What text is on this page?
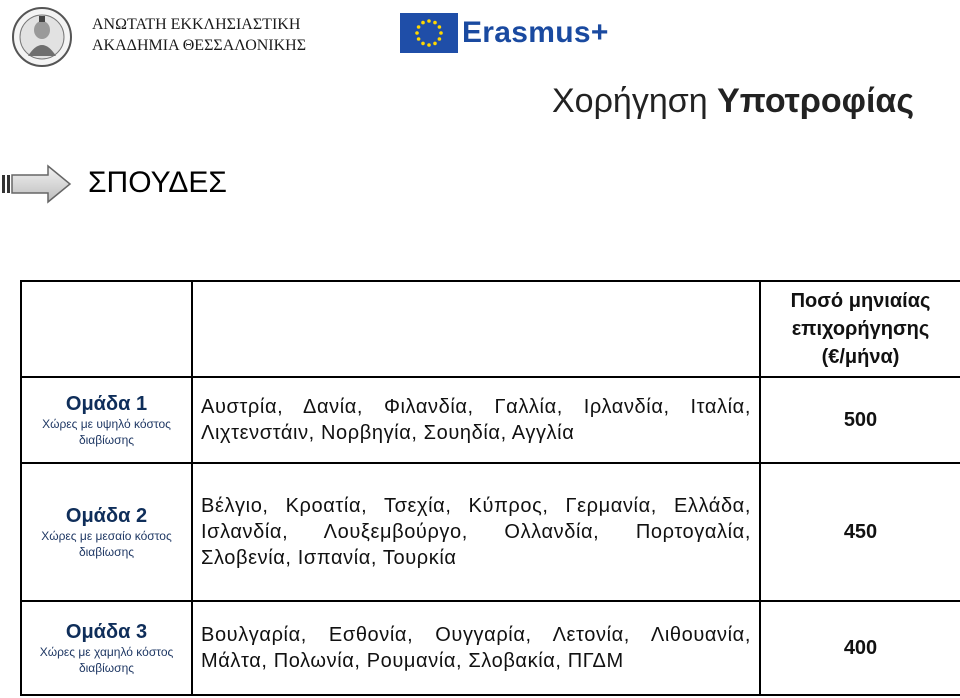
ΑΝΩΤΑΤΗ ΕΚΚΛΗΣΙΑΣΤΙΚΗ
ΑΚΑΔΗΜΙΑ ΘΕΣΣΑΛΟΝΙΚΗΣ	Erasmus+
Χορήγηση Υποτροφίας
ΣΠΟΥΔΕΣ

		Ποσό μηνιαίας
επιχορήγησης
(€/μήνα)

Ομάδα 1
Χώρες με υψηλό κόστος διαβίωσης	Αυστρία, Δανία, Φιλανδία, Γαλλία, Ιρλανδία, Ιταλία, Λιχτενστάιν, Νορβηγία, Σουηδία, Αγγλία	500

Ομάδα 2
Χώρες με μεσαίο κόστος διαβίωσης	Βέλγιο, Κροατία, Τσεχία, Κύπρος, Γερμανία, Ελλάδα, Ισλανδία, Λουξεμβούργο, Ολλανδία, Πορτογαλία, Σλοβενία, Ισπανία, Τουρκία	450

Ομάδα 3
Χώρες με χαμηλό κόστος διαβίωσης	Βουλγαρία, Εσθονία, Ουγγαρία, Λετονία, Λιθουανία, Μάλτα, Πολωνία, Ρουμανία, Σλοβακία, ΠΓΔΜ	400
